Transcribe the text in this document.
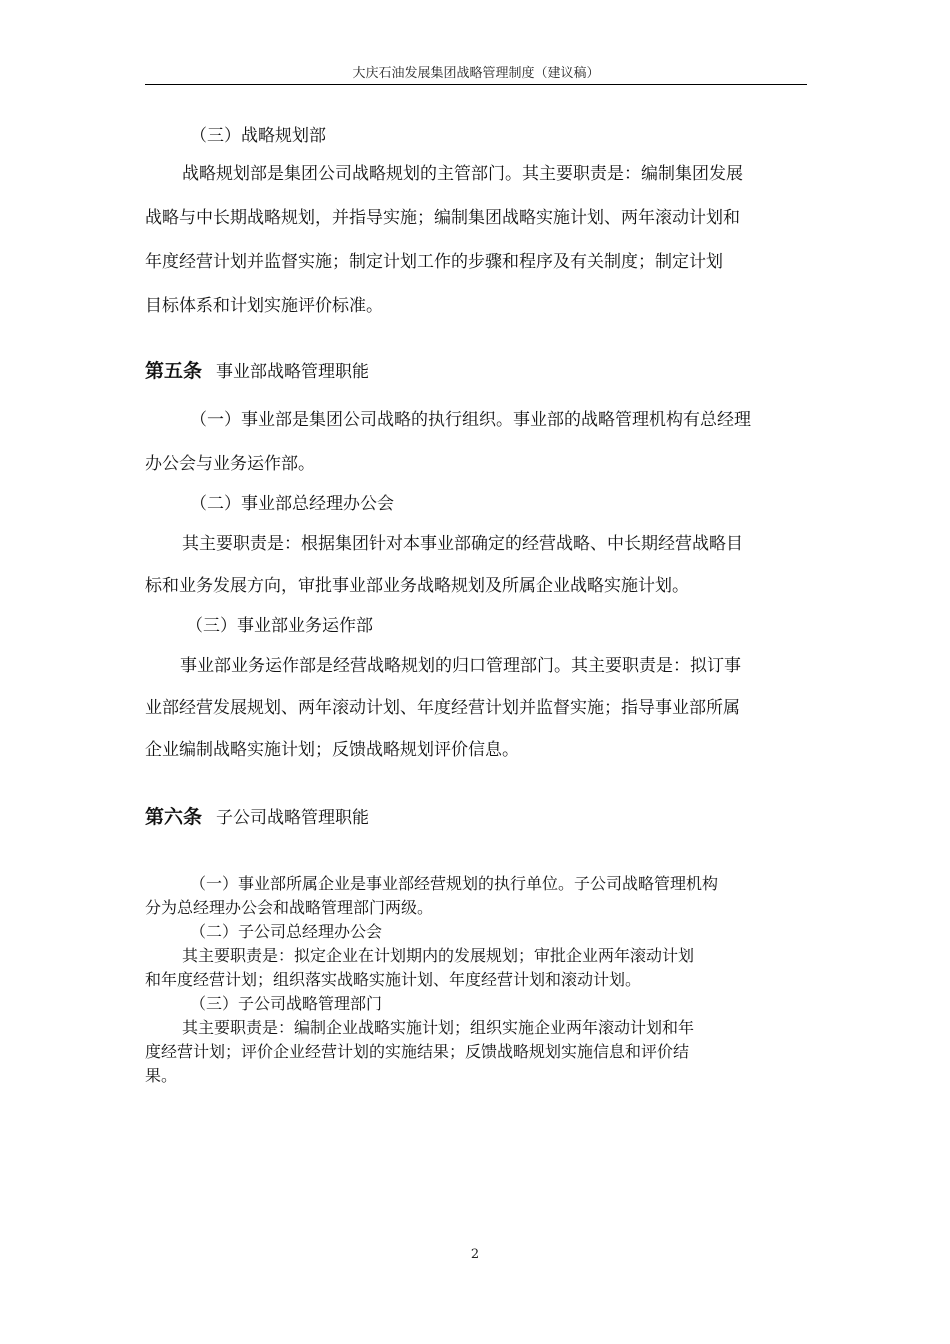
大庆石油发展集团战略管理制度（建议稿）
（三）战略规划部
战略规划部是集团公司战略规划的主管部门。其主要职责是：编制集团发展
战略与中长期战略规划，并指导实施；编制集团战略实施计划、两年滚动计划和
年度经营计划并监督实施；制定计划工作的步骤和程序及有关制度；制定计划
目标体系和计划实施评价标准。
第五条 事业部战略管理职能
（一）事业部是集团公司战略的执行组织。事业部的战略管理机构有总经理
办公会与业务运作部。
（二）事业部总经理办公会
其主要职责是：根据集团针对本事业部确定的经营战略、中长期经营战略目
标和业务发展方向，审批事业部业务战略规划及所属企业战略实施计划。
（三）事业部业务运作部
事业部业务运作部是经营战略规划的归口管理部门。其主要职责是：拟订事
业部经营发展规划、两年滚动计划、年度经营计划并监督实施；指导事业部所属
企业编制战略实施计划；反馈战略规划评价信息。
第六条 子公司战略管理职能
（一）事业部所属企业是事业部经营规划的执行单位。子公司战略管理机构
分为总经理办公会和战略管理部门两级。
（二）子公司总经理办公会
其主要职责是：拟定企业在计划期内的发展规划；审批企业两年滚动计划
和年度经营计划；组织落实战略实施计划、年度经营计划和滚动计划。
（三）子公司战略管理部门
其主要职责是：编制企业战略实施计划；组织实施企业两年滚动计划和年
度经营计划；评价企业经营计划的实施结果；反馈战略规划实施信息和评价结
果。
2
